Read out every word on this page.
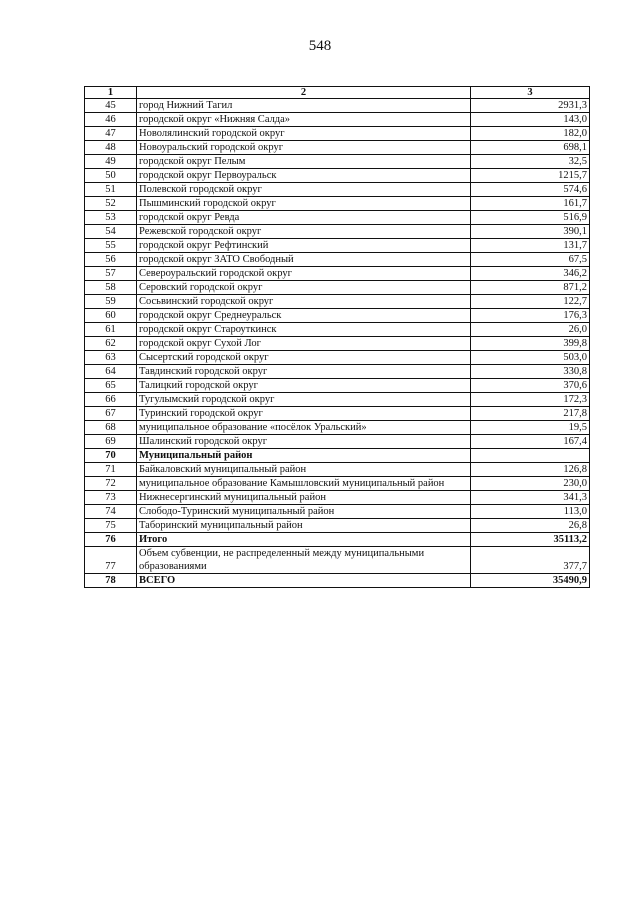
548
1	2	3
45	город Нижний Тагил	2931,3
46	городской округ «Нижняя Салда»	143,0
47	Новолялинский городской округ	182,0
48	Новоуральский городской округ	698,1
49	городской округ Пелым	32,5
50	городской округ Первоуральск	1215,7
51	Полевской городской округ	574,6
52	Пышминский городской округ	161,7
53	городской округ Ревда	516,9
54	Режевской городской округ	390,1
55	городской округ Рефтинский	131,7
56	городской округ ЗАТО Свободный	67,5
57	Североуральский городской округ	346,2
58	Серовский городской округ	871,2
59	Сосьвинский городской округ	122,7
60	городской округ Среднеуральск	176,3
61	городской округ Староуткинск	26,0
62	городской округ Сухой Лог	399,8
63	Сысертский городской округ	503,0
64	Тавдинский городской округ	330,8
65	Талицкий городской округ	370,6
66	Тугулымский городской округ	172,3
67	Туринский городской округ	217,8
68	муниципальное образование «посёлок Уральский»	19,5
69	Шалинский городской округ	167,4
70	Муниципальный район	
71	Байкаловский муниципальный район	126,8
72	муниципальное образование Камышловский муниципальный район	230,0
73	Нижнесергинский муниципальный район	341,3
74	Слободо-Туринский муниципальный район	113,0
75	Таборинский муниципальный район	26,8
76	Итого	35113,2
77	Объем субвенции, не распределенный между муниципальными образованиями	377,7
78	ВСЕГО	35490,9
